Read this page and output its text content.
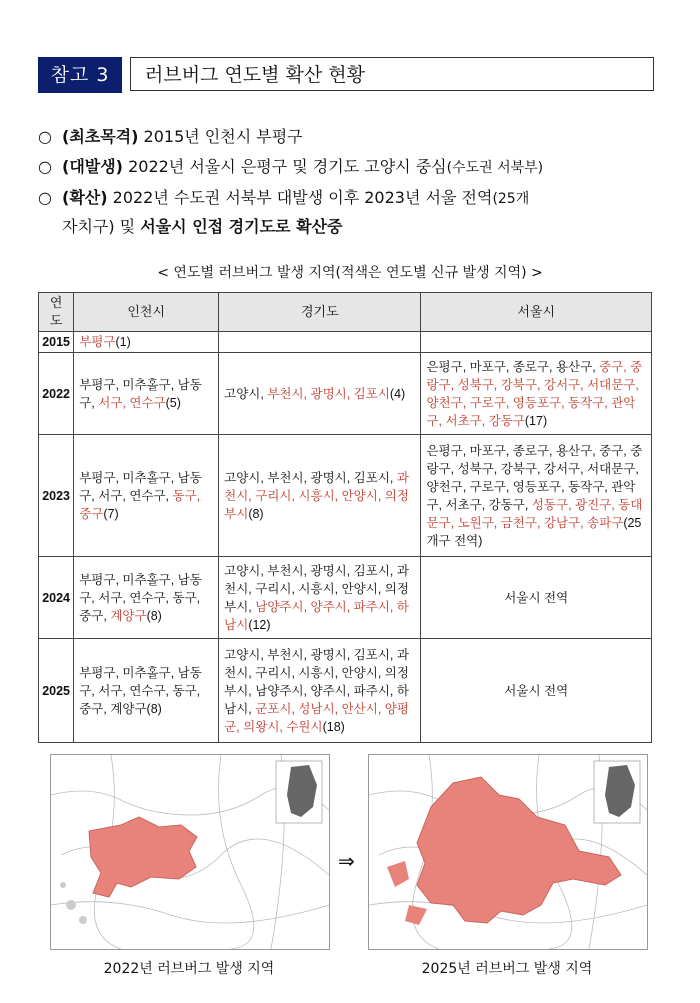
참고 3	러브버그 연도별 확산 현황
○ (최초목격) 2015년 인천시 부평구
○ (대발생) 2022년 서울시 은평구 및 경기도 고양시 중심(수도권 서북부)
○ (확산) 2022년 수도권 서북부 대발생 이후 2023년 서울 전역(25개
자치구) 및 서울시 인접 경기도로 확산중
< 연도별 러브버그 발생 지역(적색은 연도별 신규 발생 지역) >
연도	인천시	경기도	서울시
2015	부평구(1)		
2022	부평구, 미추홀구, 남동구, 서구, 연수구(5)	고양시, 부천시, 광명시, 김포시(4)	은평구, 마포구, 종로구, 용산구, 중구, 중랑구, 성북구, 강북구, 강서구, 서대문구, 양천구, 구로구, 영등포구, 동작구, 관악구, 서초구, 강동구(17)
2023	부평구, 미추홀구, 남동구, 서구, 연수구, 동구, 중구(7)	고양시, 부천시, 광명시, 김포시, 과천시, 구리시, 시흥시, 안양시, 의정부시(8)	은평구, 마포구, 종로구, 용산구, 중구, 중랑구, 성북구, 강북구, 강서구, 서대문구, 양천구, 구로구, 영등포구, 동작구, 관악구, 서초구, 강동구, 성동구, 광진구, 동대문구, 노원구, 금천구, 강남구, 송파구(25개구 전역)
2024	부평구, 미추홀구, 남동구, 서구, 연수구, 동구, 중구, 계양구(8)	고양시, 부천시, 광명시, 김포시, 과천시, 구리시, 시흥시, 안양시, 의정부시, 남양주시, 양주시, 파주시, 하남시(12)	서울시 전역
2025	부평구, 미추홀구, 남동구, 서구, 연수구, 동구, 중구, 계양구(8)	고양시, 부천시, 광명시, 김포시, 과천시, 구리시, 시흥시, 안양시, 의정부시, 남양주시, 양주시, 파주시, 하남시, 군포시, 성남시, 안산시, 양평군, 의왕시, 수원시(18)	서울시 전역
⇒
2022년 러브버그 발생 지역	2025년 러브버그 발생 지역
